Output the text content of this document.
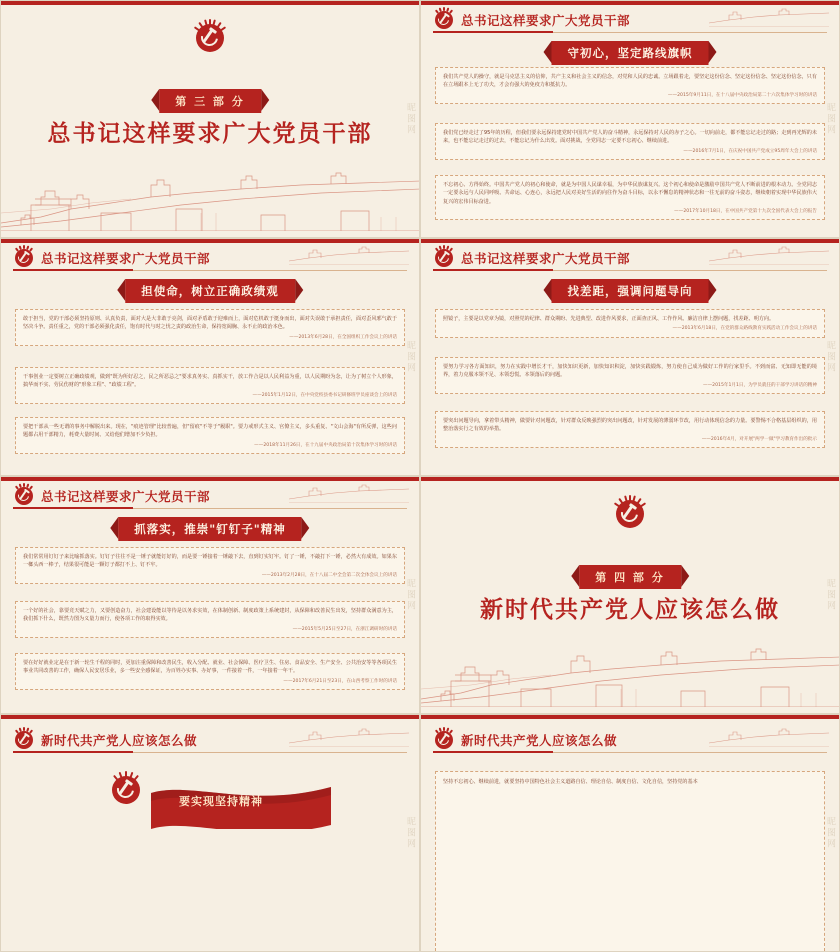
第 三 部 分
总书记这样要求广大党员干部	昵图网
总书记这样要求广大党员干部
守初心，坚定路线旗帜

我们共产党人的操守，就是马克思主义的信仰，共产主义和社会主义的信念，对党和人民的忠诚。立场跟着走，要坚定这份信念、坚定这份信念、坚定这份信念，只有在立场跟本上无了功夫，才会有强大的免疫力和抵抗力。

——2015年9月11日，在十八届中央政治局第二十六次集体学习时的讲话

我们党已经走过了95年的历程，但我们要永远保持建党时中国共产党人的奋斗精神，永远保持对人民的赤子之心。一切向前走，都不能忘记走过的路；走到再光辉的未来，也不能忘记走过的过去，不能忘记为什么出发。面对挑战，全党同志一定要不忘初心、继续前进。

——2016年7月1日，在庆祝中国共产党成立95周年大会上的讲话

不忘初心、方得始终。中国共产党人的初心和使命，就是为中国人民谋幸福，为中华民族谋复兴。这个初心和使命是激励中国共产党人不断前进的根本动力。全党同志一定要永远与人民同呼吸、共命运、心连心，永远把人民对美好生活的向往作为奋斗目标，以永不懈怠的精神状态和一往无前的奋斗姿态，继续朝着实现中华民族伟大复兴的宏伟目标奋进。

——2017年10月18日，在中国共产党第十九次全国代表大会上的报告

昵图网
总书记这样要求广大党员干部
担使命，树立正确政绩观

敢于担当，党的干部必须坚持原则、认真负责，面对大是大非敢于亮剑，面对矛盾敢于迎难而上，面对危机敢于挺身而出，面对失误敢于承担责任，面对歪风邪气敢于坚决斗争。责任重之，党的干部必须强化责任，饱有时代与时之忧之责的政治生命，保持宽阔胸、永不止的政治本色。

——2013年6月28日，在全国组织工作会议上的讲话

干事创业一定要树立正确政绩观，做到"既为所好忍之，民之所恶忌之"要求真务实、真抓实干，放工作合是以人民利益为重，以人民期盼为念，让为了树立个人形象，搞华而不实、劳民伤财的"形象工程"、"政绩工程"。

——2015年1月12日，在中央党校县委书记研修班学员座谈会上的讲话

要把干部从一些无谓的事务中解脱出来。现在，"痕迹管理"比较普遍，但"留痕"不等于"履职"。要力戒形式主义、官僚主义，多头重复、"文山会海"有所反弹，这些问题都占用干部精力，耗费大量时间、又给他们增加不少负担。

——2018年11月26日，在十九届中央政治局第十次集体学习时的讲话

昵图网
总书记这样要求广大党员干部
找差距，强调问题导向

照镜子，主要是以党章为镜，对照党的纪律、群众期盼、先进典型、改进作风要求，正面查正风、工作作风、廉洁自律上摆问题，找差距、明方向。

——2013年6月18日，在党的群众路线教育实践活动工作会议上的讲话

要努力学习各方面知识，努力在实践中增长才干，加快知识更新，加快知识积淀，加快实践锻炼，努力使自己成为做好工作的行家里手。不到而富、无知即无能的境界，着力克服本领不足、本领恐慌、本领落后的问题。

——2015年1月1日，为学员就任的干部学习讲话的精神

要突出问题导向，拿着带头精神，做要针对问题改，针对群众反映强烈的突出问题改，针对发展的薄弱环节改，用行动体现信念的力量。要警惕不合格基层组织的，用整治落实行之有效的举措。

——2016年4月，对开展"两学一做"学习教育作出的批示

昵图网
总书记这样要求广大党员干部
抓落实，推崇"钉钉子"精神

我们常常用钉钉子来比喻抓落实。钉钉子往往不是一锤子就能钉好的，而是要一锤接着一锤敲下去，直到钉实钉牢。钉了一锤，不敲打下一锤，必然大有成效。如果东一榔头西一棒子，结果很可能是一颗钉子都打不上、钉不牢。

——2013年2月28日，在十八届二中全会第二次全体会议上的讲话

一个好的社会，靠要竞天赋之力，又要创造奋力，社会建设能以等待是以务求实效，在体制创新、制度政策上系统建封，从保障和改善民生出发，坚持群众满意为主，我们抓下什么，既然力图为义量力而行，使各项工作的取得实效。

——2015年5月25日至27日，在浙江调研时的讲话

要在好好就业定是在于新一轮生千程的同时，更加注重保障和改善民生，收入分配、就业、社会保障、医疗卫生、住房、食品安全、生产安全、公共治安等等各项民生事业共同改善的工作，确保人民安居乐业，多一些安全感保证，为百姓办实事、办好事，一件接着一件，一年接着一年干。

——2017年6月21日至23日，在山西考察工作时的讲话

昵图网
第 四 部 分
新时代共产党人应该怎么做	昵图网
新时代共产党人应该怎么做
要实现坚持精神
昵图网
新时代共产党人应该怎么做

坚持不忘初心、继续前进，就要坚持中国特色社会主义道路自信、理论自信、制度自信、文化自信，坚持党的基本

昵图网
